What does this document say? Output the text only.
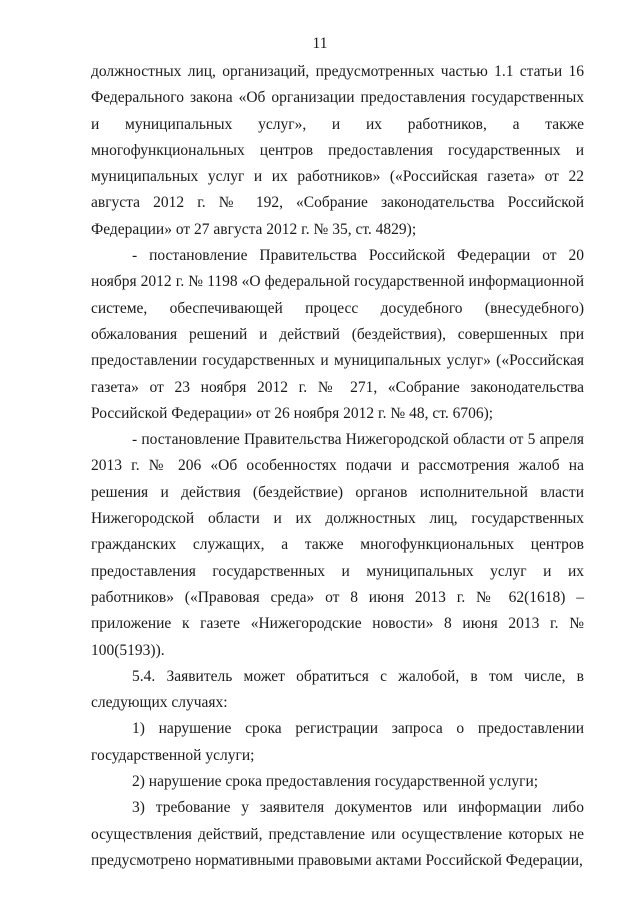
11

должностных лиц, организаций, предусмотренных частью 1.1 статьи 16 Федерального закона «Об организации предоставления государственных и муниципальных услуг», и их работников, а также многофункциональных центров предоставления государственных и муниципальных услуг и их работников» («Российская газета» от 22 августа 2012 г. № 192, «Собрание законодательства Российской Федерации» от 27 августа 2012 г. № 35, ст. 4829);

- постановление Правительства Российской Федерации от 20 ноября 2012 г. № 1198 «О федеральной государственной информационной системе, обеспечивающей процесс досудебного (внесудебного) обжалования решений и действий (бездействия), совершенных при предоставлении государственных и муниципальных услуг» («Российская газета» от 23 ноября 2012 г. № 271, «Собрание законодательства Российской Федерации» от 26 ноября 2012 г. № 48, ст. 6706);

- постановление Правительства Нижегородской области от 5 апреля 2013 г. № 206 «Об особенностях подачи и рассмотрения жалоб на решения и действия (бездействие) органов исполнительной власти Нижегородской области и их должностных лиц, государственных гражданских служащих, а также многофункциональных центров предоставления государственных и муниципальных услуг и их работников» («Правовая среда» от 8 июня 2013 г. № 62(1618) – приложение к газете «Нижегородские новости» 8 июня 2013 г. № 100(5193)).

5.4. Заявитель может обратиться с жалобой, в том числе, в следующих случаях:

1) нарушение срока регистрации запроса о предоставлении государственной услуги;

2) нарушение срока предоставления государственной услуги;

3) требование у заявителя документов или информации либо осуществления действий, представление или осуществление которых не предусмотрено нормативными правовыми актами Российской Федерации,
